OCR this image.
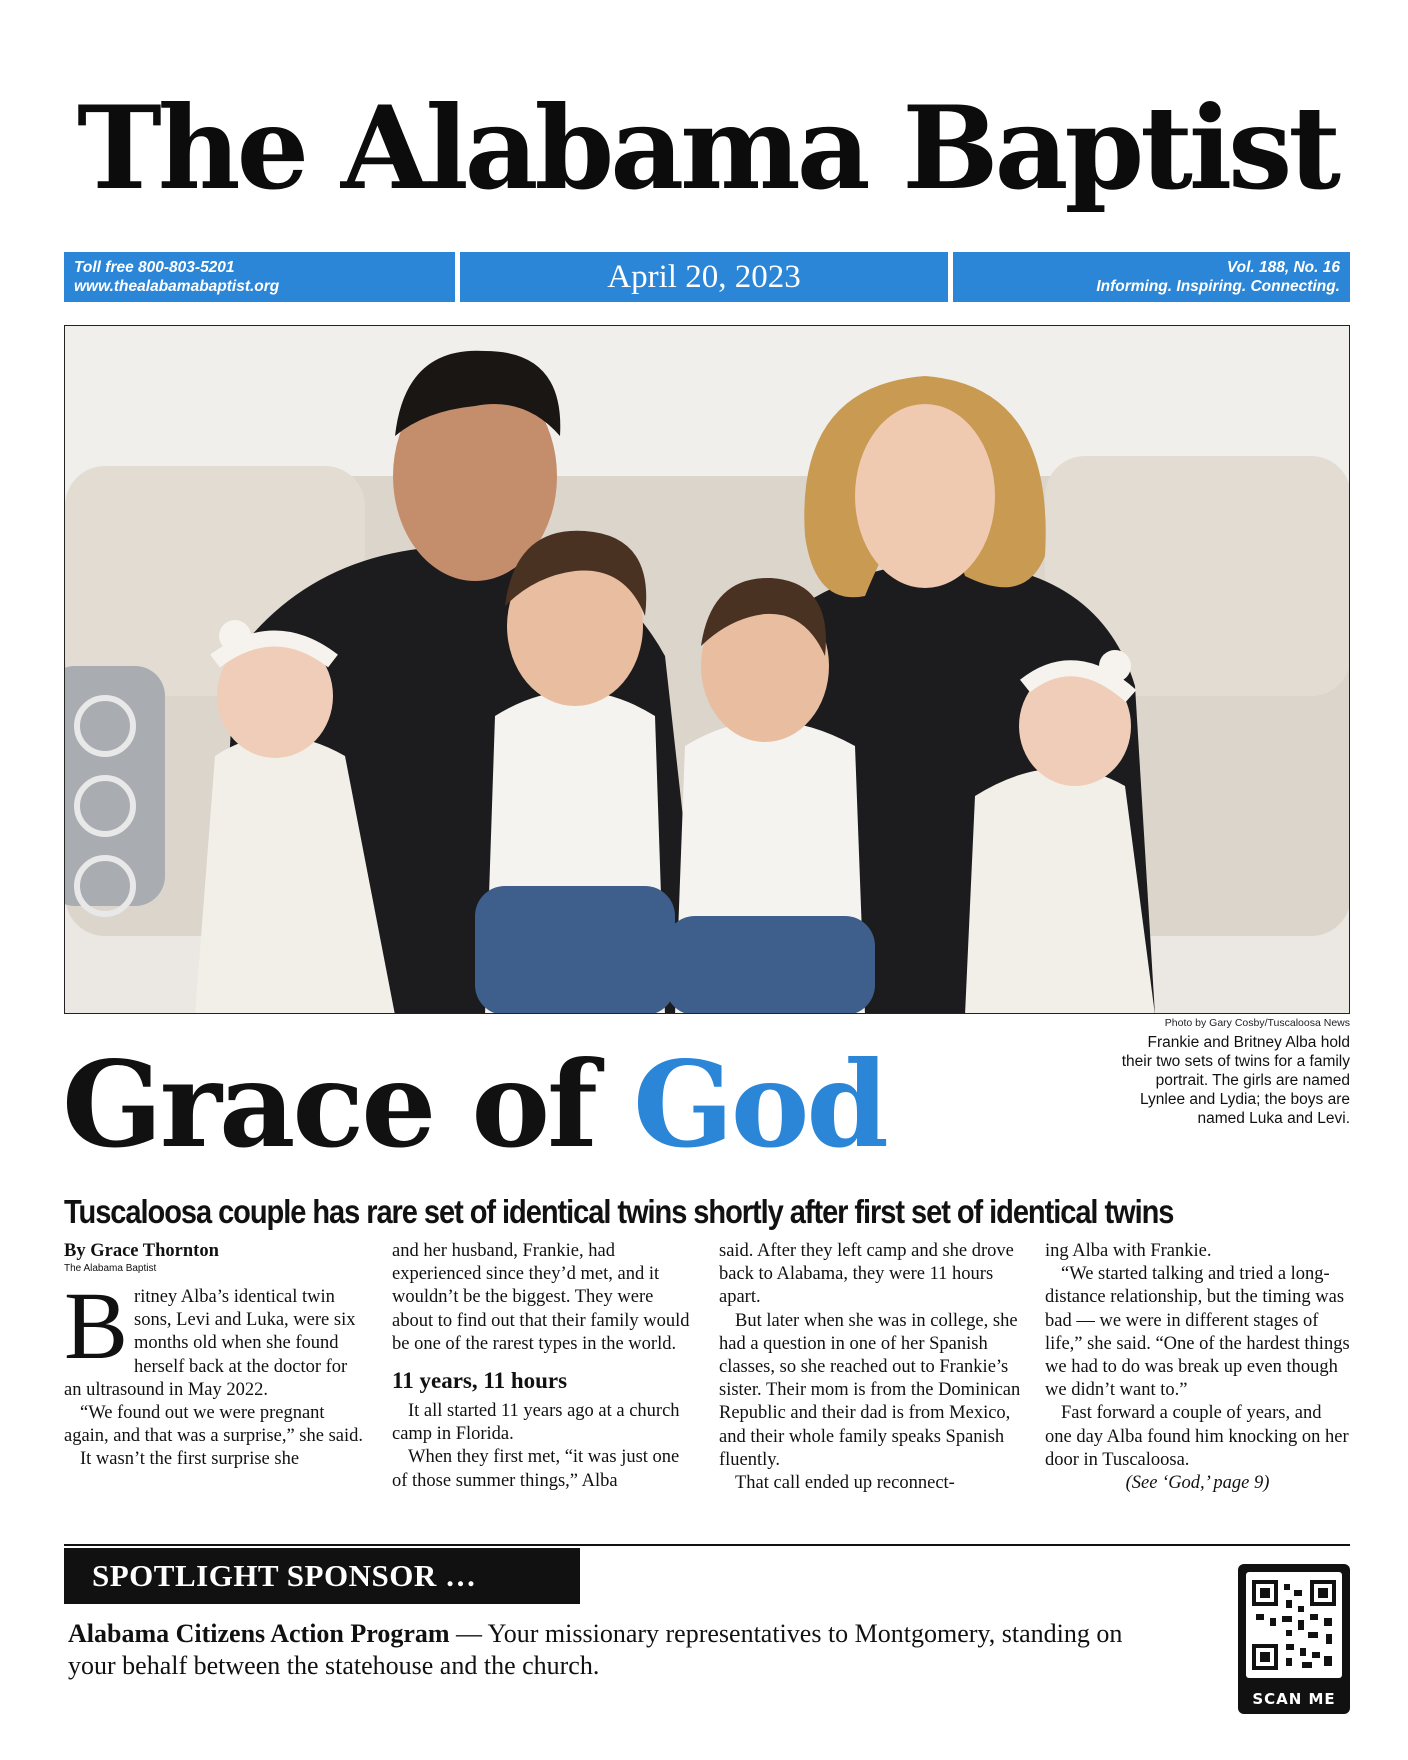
The Alabama Baptist
Toll free 800-803-5201
www.thealabamabaptist.org	April 20, 2023	Vol. 188, No. 16
Informing. Inspiring. Connecting.
Photo by Gary Cosby/Tuscaloosa News
Frankie and Britney Alba hold their two sets of twins for a family portrait. The girls are named Lynlee and Lydia; the boys are named Luka and Levi.
Grace of God
Tuscaloosa couple has rare set of identical twins shortly after first set of identical twins
By Grace Thornton
The Alabama Baptist

Britney Alba’s identical twin sons, Levi and Luka, were six months old when she found herself back at the doctor for an ultrasound in May 2022.

“We found out we were pregnant again, and that was a surprise,” she said.

It wasn’t the first surprise she

and her husband, Frankie, had experienced since they’d met, and it wouldn’t be the biggest. They were about to find out that their family would be one of the rarest types in the world.

11 years, 11 hours

It all started 11 years ago at a church camp in Florida.

When they first met, “it was just one of those summer things,” Alba

said. After they left camp and she drove back to Alabama, they were 11 hours apart.

But later when she was in college, she had a question in one of her Spanish classes, so she reached out to Frankie’s sister. Their mom is from the Dominican Republic and their dad is from Mexico, and their whole family speaks Spanish fluently.

That call ended up reconnect-

ing Alba with Frankie.

“We started talking and tried a long-distance relationship, but the timing was bad — we were in different stages of life,” she said. “One of the hardest things we had to do was break up even though we didn’t want to.”

Fast forward a couple of years, and one day Alba found him knocking on her door in Tuscaloosa.

(See ‘God,’ page 9)

SPOTLIGHT SPONSOR …
Alabama Citizens Action Program — Your missionary representatives to Montgomery, standing on your behalf between the statehouse and the church.
SCAN ME
